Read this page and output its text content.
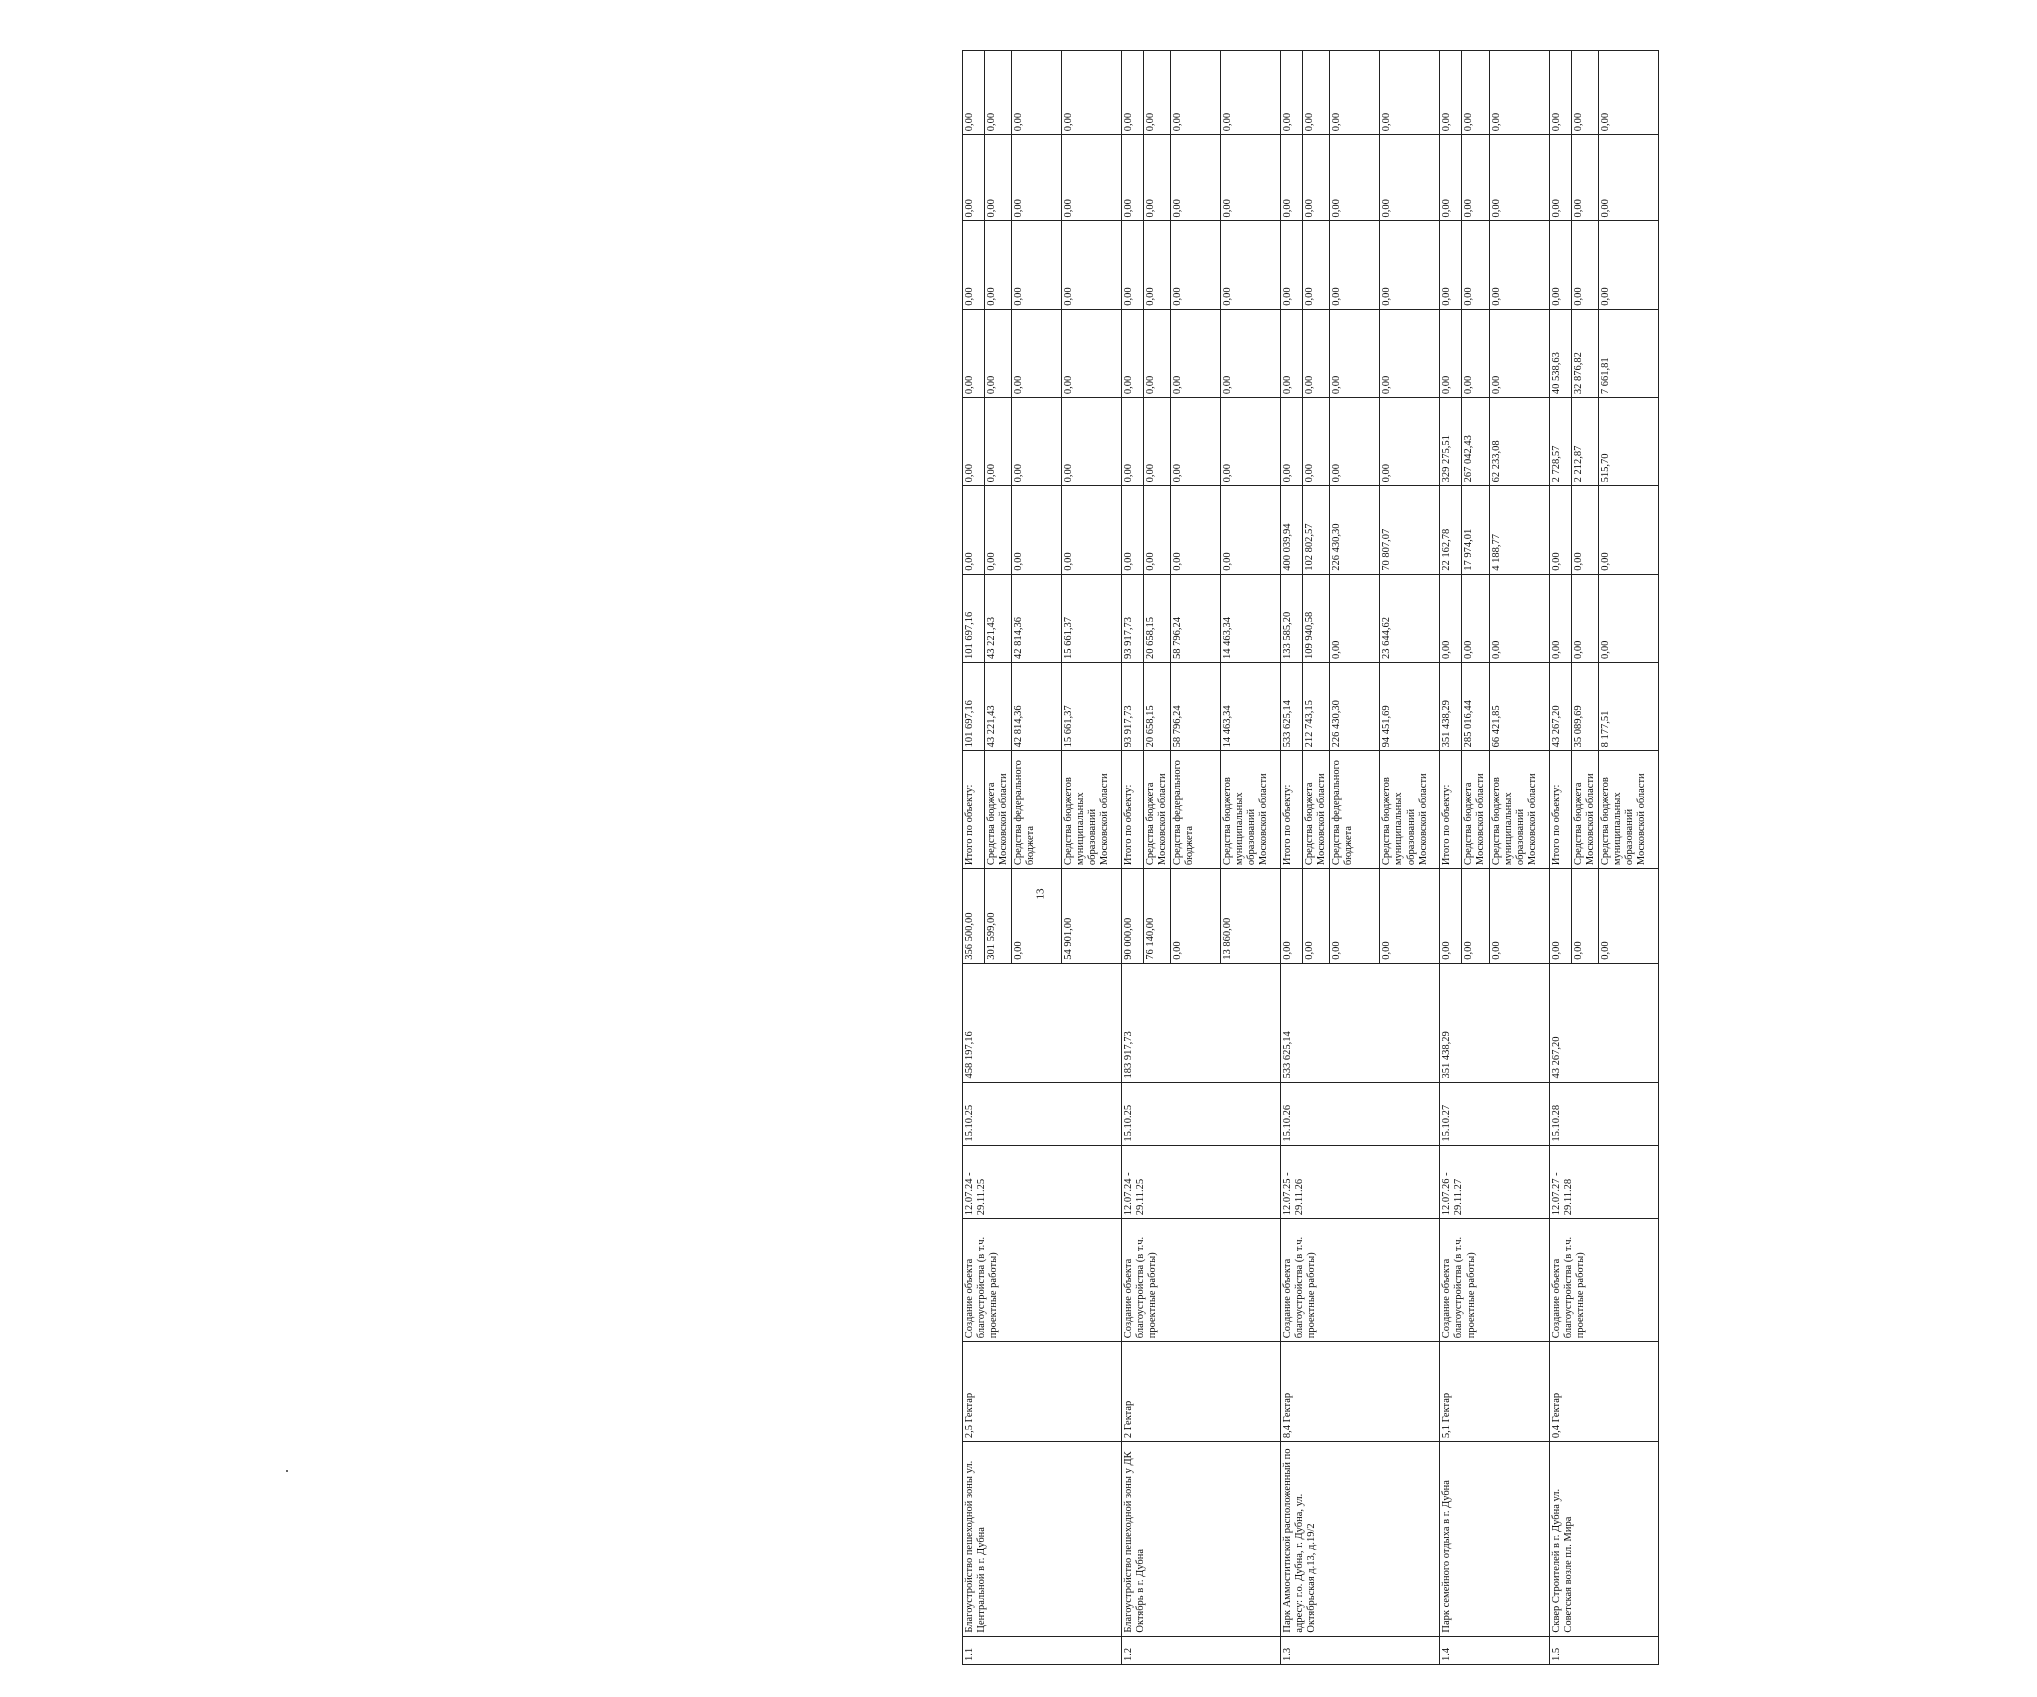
1.1	Благоустройство пешеходной зоны ул. Центральной в г. Дубна	2,5 Гектар	Создание объекта благоустройства (в т.ч. проектные работы)	12.07.24 - 29.11.25	15.10.25	458 197,16	356 500,00	Итого по объекту:	101 697,16	101 697,16	0,00	0,00	0,00	0,00	0,00	0,00
							301 599,00	Средства бюджета Московской области	43 221,43	43 221,43	0,00	0,00	0,00	0,00	0,00	0,00
							0,00	Средства федерального бюджета	42 814,36	42 814,36	0,00	0,00	0,00	0,00	0,00	0,00
							54 901,00	Средства бюджетов муниципальных образований Московской области	15 661,37	15 661,37	0,00	0,00	0,00	0,00	0,00	0,00
1.2	Благоустройство пешеходной зоны у ДК Октябрь в г. Дубна	2 Гектар	Создание объекта благоустройства (в т.ч. проектные работы)	12.07.24 - 29.11.25	15.10.25	183 917,73	90 000,00	Итого по объекту:	93 917,73	93 917,73	0,00	0,00	0,00	0,00	0,00	0,00
							76 140,00	Средства бюджета Московской области	20 658,15	20 658,15	0,00	0,00	0,00	0,00	0,00	0,00
							0,00	Средства федерального бюджета	58 796,24	58 796,24	0,00	0,00	0,00	0,00	0,00	0,00
							13 860,00	Средства бюджетов муниципальных образований Московской области	14 463,34	14 463,34	0,00	0,00	0,00	0,00	0,00	0,00
1.3	Парк Аммоститиской расположенный по адресу: г.о. Дубна, г. Дубна, ул. Октябрьская д.13, д.19/2	8,4 Гектар	Создание объекта благоустройства (в т.ч. проектные работы)	12.07.25 - 29.11.26	15.10.26	533 625,14	0,00	Итого по объекту:	533 625,14	133 585,20	400 039,94	0,00	0,00	0,00	0,00	0,00
							0,00	Средства бюджета Московской области	212 743,15	109 940,58	102 802,57	0,00	0,00	0,00	0,00	0,00
							0,00	Средства федерального бюджета	226 430,30	0,00	226 430,30	0,00	0,00	0,00	0,00	0,00
							0,00	Средства бюджетов муниципальных образований Московской области	94 451,69	23 644,62	70 807,07	0,00	0,00	0,00	0,00	0,00
1.4	Парк семейного отдыха в г. Дубна	5,1 Гектар	Создание объекта благоустройства (в т.ч. проектные работы)	12.07.26 - 29.11.27	15.10.27	351 438,29	0,00	Итого по объекту:	351 438,29	0,00	22 162,78	329 275,51	0,00	0,00	0,00	0,00
							0,00	Средства бюджета Московской области	285 016,44	0,00	17 974,01	267 042,43	0,00	0,00	0,00	0,00
							0,00	Средства бюджетов муниципальных образований Московской области	66 421,85	0,00	4 188,77	62 233,08	0,00	0,00	0,00	0,00
1.5	Сквер Строителей в г. Дубна ул. Советская возле пл. Мира	0,4 Гектар	Создание объекта благоустройства (в т.ч. проектные работы)	12.07.27 - 29.11.28	15.10.28	43 267,20	0,00	Итого по объекту:	43 267,20	0,00	0,00	2 728,57	40 538,63	0,00	0,00	0,00
							0,00	Средства бюджета Московской области	35 089,69	0,00	0,00	2 212,87	32 876,82	0,00	0,00	0,00
							0,00	Средства бюджетов муниципальных образований Московской области	8 177,51	0,00	0,00	515,70	7 661,81	0,00	0,00	0,00
13
